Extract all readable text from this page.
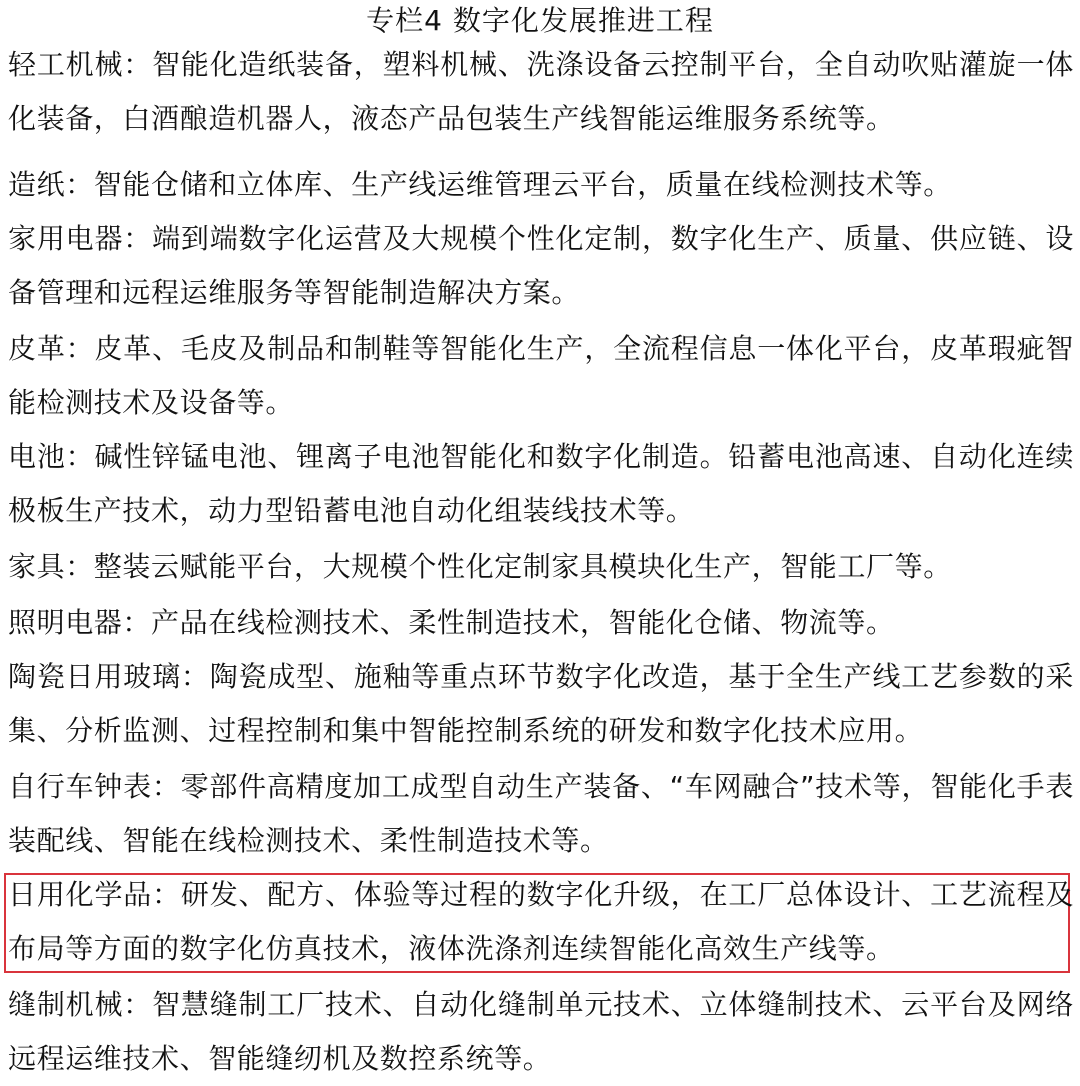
专栏4 数字化发展推进工程

轻工机械：智能化造纸装备，塑料机械、洗涤设备云控制平台，全自动吹贴灌旋一体化装备，白酒酿造机器人，液态产品包装生产线智能运维服务系统等。

造纸：智能仓储和立体库、生产线运维管理云平台，质量在线检测技术等。

家用电器：端到端数字化运营及大规模个性化定制，数字化生产、质量、供应链、设备管理和远程运维服务等智能制造解决方案。

皮革：皮革、毛皮及制品和制鞋等智能化生产，全流程信息一体化平台，皮革瑕疵智能检测技术及设备等。

电池：碱性锌锰电池、锂离子电池智能化和数字化制造。铅蓄电池高速、自动化连续极板生产技术，动力型铅蓄电池自动化组装线技术等。

家具：整装云赋能平台，大规模个性化定制家具模块化生产，智能工厂等。

照明电器：产品在线检测技术、柔性制造技术，智能化仓储、物流等。

陶瓷日用玻璃：陶瓷成型、施釉等重点环节数字化改造，基于全生产线工艺参数的采集、分析监测、过程控制和集中智能控制系统的研发和数字化技术应用。

自行车钟表：零部件高精度加工成型自动生产装备、“车网融合”技术等，智能化手表装配线、智能在线检测技术、柔性制造技术等。

日用化学品：研发、配方、体验等过程的数字化升级，在工厂总体设计、工艺流程及布局等方面的数字化仿真技术，液体洗涤剂连续智能化高效生产线等。

缝制机械：智慧缝制工厂技术、自动化缝制单元技术、立体缝制技术、云平台及网络远程运维技术、智能缝纫机及数控系统等。
